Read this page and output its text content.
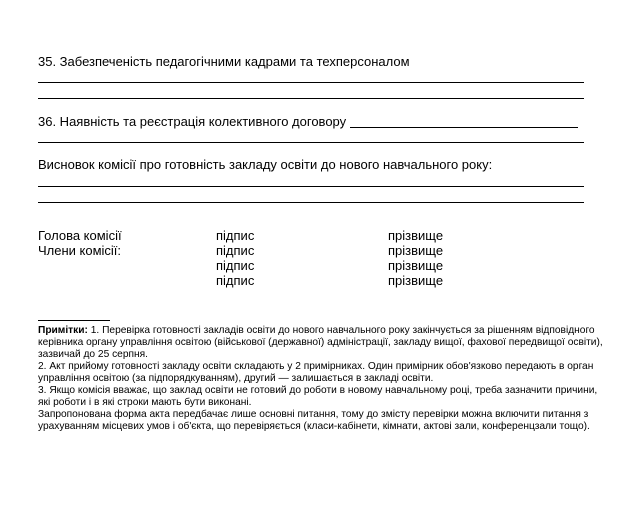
35. Забезпеченість педагогічними кадрами та техперсоналом
36. Наявність та реєстрація колективного договору
Висновок комісії про готовність закладу освіти до нового навчального року:
Голова комісії
Члени комісії:
підпис
підпис
підпис
підпис
прізвище
прізвище
прізвище
прізвище

Примітки: 1. Перевірка готовності закладів освіти до нового навчального року закінчується за рішенням відповідного керівника органу управління освітою (військової (державної) адміністрації, закладу вищої, фахової передвищої освіти), зазвичай до 25 серпня.

2. Акт прийому готовності закладу освіти складають у 2 примірниках. Один примірник обов'язково передають в орган управління освітою (за підпорядкуванням), другий — залишається в закладі освіти.

3. Якщо комісія вважає, що заклад освіти не готовий до роботи в новому навчальному році, треба зазначити причини, які роботи і в які строки мають бути виконані.

Запропонована форма акта передбачає лише основні питання, тому до змісту перевірки можна включити питання з урахуванням місцевих умов і об'єкта, що перевіряється (класи-кабінети, кімнати, актові зали, конференцзали тощо).
